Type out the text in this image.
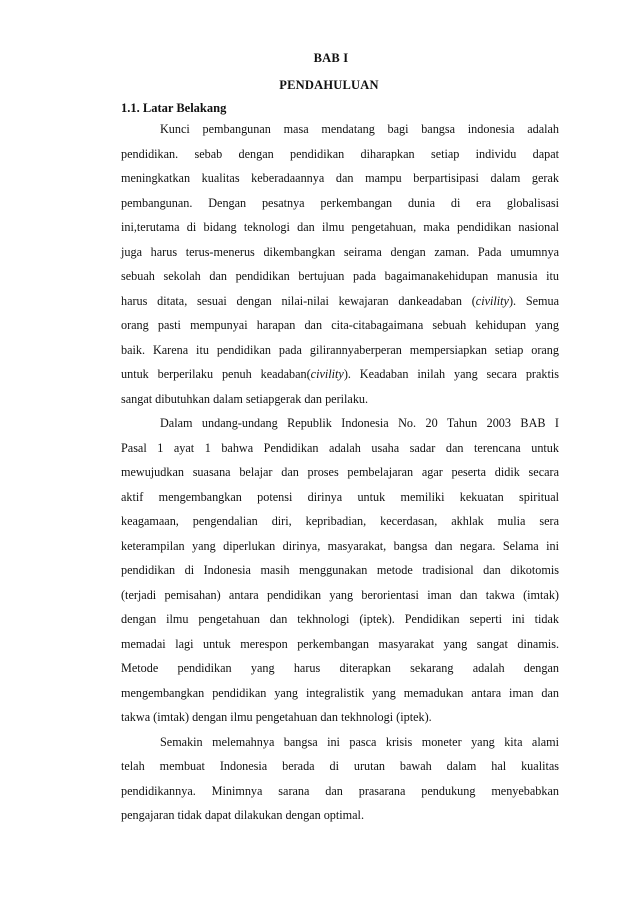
BAB I
PENDAHULUAN
1.1. Latar Belakang

Kunci pembangunan masa mendatang bagi bangsa indonesia adalah
pendidikan. sebab dengan pendidikan diharapkan setiap individu dapat
meningkatkan kualitas keberadaannya dan mampu berpartisipasi dalam gerak
pembangunan. Dengan pesatnya perkembangan dunia di era globalisasi
ini,terutama di bidang teknologi dan ilmu pengetahuan, maka pendidikan nasional
juga harus terus-menerus dikembangkan seirama dengan zaman. Pada umumnya
sebuah sekolah dan pendidikan bertujuan pada bagaimanakehidupan manusia itu
harus ditata, sesuai dengan nilai-nilai kewajaran dankeadaban (civility). Semua
orang pasti mempunyai harapan dan cita-citabagaimana sebuah kehidupan yang
baik. Karena itu pendidikan pada gilirannyaberperan mempersiapkan setiap orang
untuk berperilaku penuh keadaban(civility). Keadaban inilah yang secara praktis
sangat dibutuhkan dalam setiapgerak dan perilaku.

Dalam undang-undang Republik Indonesia No. 20 Tahun 2003 BAB I
Pasal 1 ayat 1 bahwa Pendidikan adalah usaha sadar dan terencana untuk
mewujudkan suasana belajar dan proses pembelajaran agar peserta didik secara
aktif mengembangkan potensi dirinya untuk memiliki kekuatan spiritual
keagamaan, pengendalian diri, kepribadian, kecerdasan, akhlak mulia sera
keterampilan yang diperlukan dirinya, masyarakat, bangsa dan negara. Selama ini
pendidikan di Indonesia masih menggunakan metode tradisional dan dikotomis
(terjadi pemisahan) antara pendidikan yang berorientasi iman dan takwa (imtak)
dengan ilmu pengetahuan dan tekhnologi (iptek). Pendidikan seperti ini tidak
memadai lagi untuk merespon perkembangan masyarakat yang sangat dinamis.
Metode pendidikan yang harus diterapkan sekarang adalah dengan
mengembangkan pendidikan yang integralistik yang memadukan antara iman dan
takwa (imtak) dengan ilmu pengetahuan dan tekhnologi (iptek).

Semakin melemahnya bangsa ini pasca krisis moneter yang kita alami
telah membuat Indonesia berada di urutan bawah dalam hal kualitas
pendidikannya. Minimnya sarana dan prasarana pendukung menyebabkan
pengajaran tidak dapat dilakukan dengan optimal.
